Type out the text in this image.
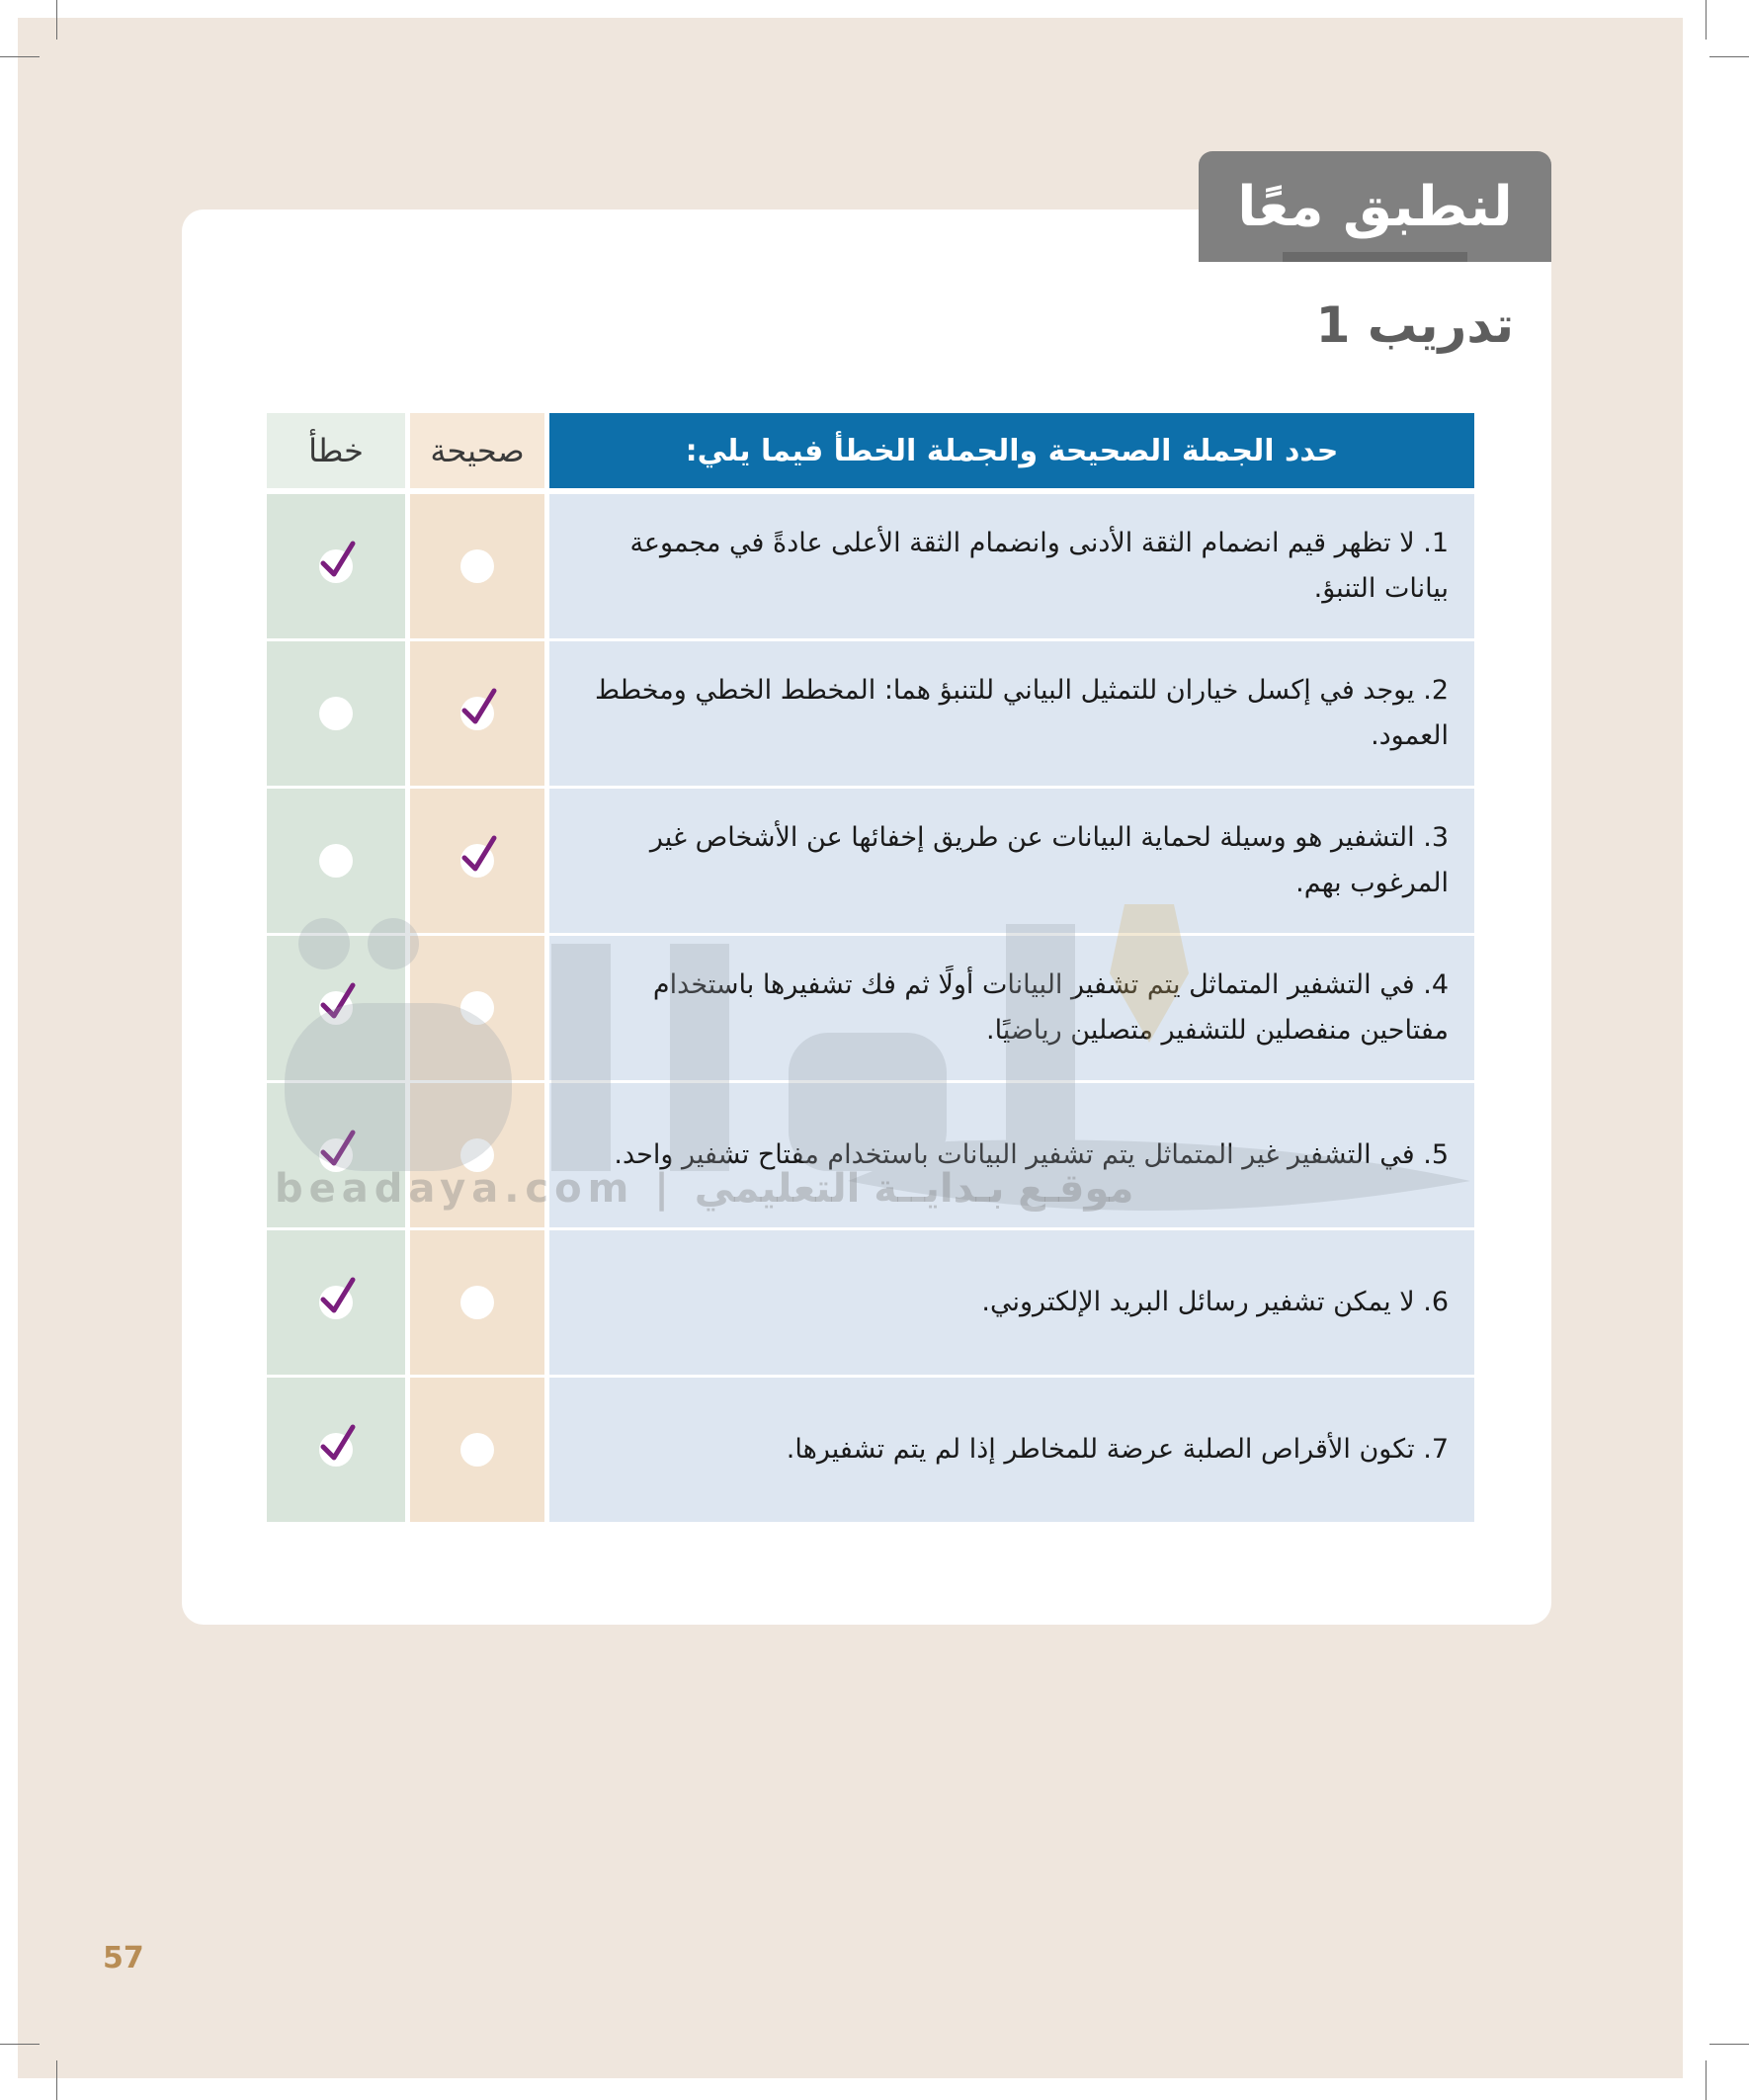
لنطبق معًا
تدريب 1
خطأ	صحيحة	حدد الجملة الصحيحة والجملة الخطأ فيما يلي:
1. لا تظهر قيم انضمام الثقة الأدنى وانضمام الثقة الأعلى عادةً في مجموعة بيانات التنبؤ.
2. يوجد في إكسل خياران للتمثيل البياني للتنبؤ هما: المخطط الخطي ومخطط العمود.
3. التشفير هو وسيلة لحماية البيانات عن طريق إخفائها عن الأشخاص غير المرغوب بهم.
4. في التشفير المتماثل يتم تشفير البيانات أولًا ثم فك تشفيرها باستخدام مفتاحين منفصلين للتشفير متصلين رياضيًا.
5. في التشفير غير المتماثل يتم تشفير البيانات باستخدام مفتاح تشفير واحد.
6. لا يمكن تشفير رسائل البريد الإلكتروني.
7. تكون الأقراص الصلبة عرضة للمخاطر إذا لم يتم تشفيرها.
beadaya.com | موقـع بـدايــة التعليمي
57
